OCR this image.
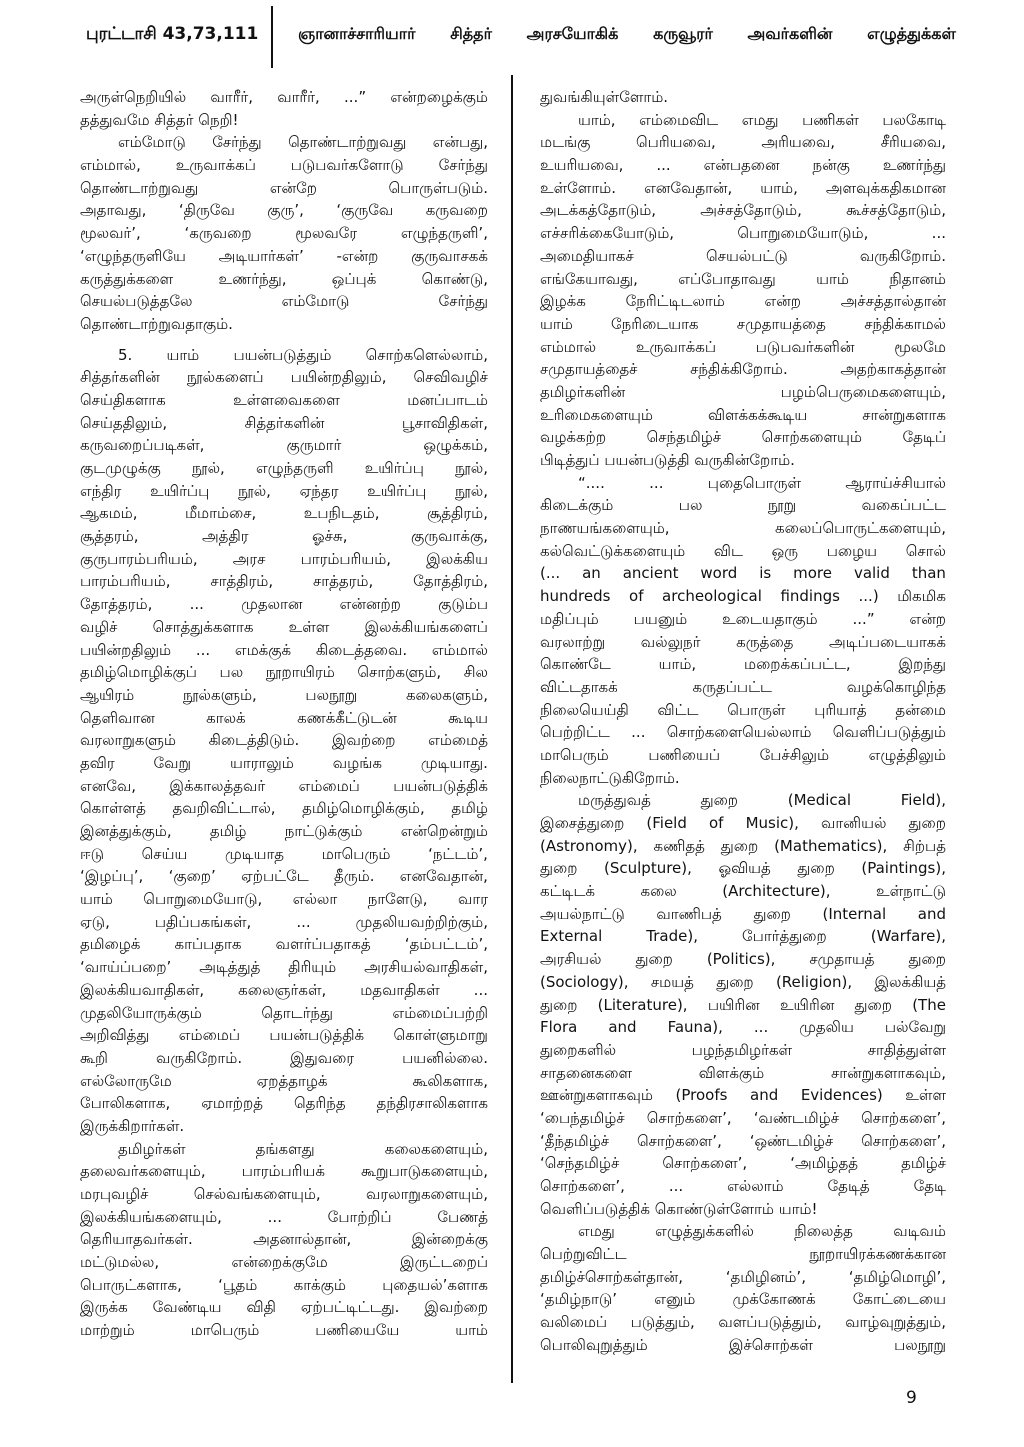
புரட்டாசி 43,73,111	ஞானாச்சாரியார் சித்தர் அரசயோகிக் கருவூரர் அவர்களின் எழுத்துக்கள்
அருள்நெறியில் வாரீர், வாரீர், ...” என்றழைக்கும்
தத்துவமே சித்தர் நெறி!
எம்மோடு சேர்ந்து தொண்டாற்றுவது என்பது,
எம்மால், உருவாக்கப் படுபவர்களோடு சேர்ந்து
தொண்டாற்றுவது	என்றே	பொருள்படும்.
அதாவது, ‘திருவே குரு’, ‘குருவே கருவறை
மூலவர்’,	‘கருவறை	மூலவரே	எழுந்தருளி’,
‘எழுந்தருளியே அடியார்கள்’ -என்ற குருவாசகக்
கருத்துக்களை	உணர்ந்து,	ஒப்புக்	கொண்டு,
செயல்படுத்தலே	எம்மோடு	சேர்ந்து
தொண்டாற்றுவதாகும்.
5. யாம் பயன்படுத்தும் சொற்களெல்லாம்,
சித்தர்களின் நூல்களைப் பயின்றதிலும், செவிவழிச்
செய்திகளாக	உள்ளவைகளை	மனப்பாடம்
செய்ததிலும்,	சித்தர்களின்	பூசாவிதிகள்,
கருவறைப்படிகள்,	குருமார்	ஒழுக்கம்,
குடமுழுக்கு நூல், எழுந்தருளி உயிர்ப்பு நூல்,
எந்திர உயிர்ப்பு நூல், ஏந்தர உயிர்ப்பு நூல்,
ஆகமம்,	மீமாம்சை,	உபநிடதம்,	சூத்திரம்,
சூத்தரம்,	அத்திர	ஓச்சு,	குருவாக்கு,
குருபாரம்பரியம், அரச பாரம்பரியம், இலக்கிய
பாரம்பரியம்,	சாத்திரம்,	சாத்தரம்,	தோத்திரம்,
தோத்தரம், ... முதலான என்னற்ற குடும்ப
வழிச் சொத்துக்களாக உள்ள இலக்கியங்களைப்
பயின்றதிலும் ... எமக்குக் கிடைத்தவை. எம்மால்
தமிழ்மொழிக்குப் பல நூறாயிரம் சொற்களும், சில
ஆயிரம்	நூல்களும்,	பலநூறு	கலைகளும்,
தெளிவான	காலக்	கணக்கீட்டுடன்	கூடிய
வரலாறுகளும் கிடைத்திடும். இவற்றை எம்மைத்
தவிர	வேறு	யாராலும்	வழங்க	முடியாது.
எனவே, இக்காலத்தவர் எம்மைப் பயன்படுத்திக்
கொள்ளத் தவறிவிட்டால், தமிழ்மொழிக்கும், தமிழ்
இனத்துக்கும்,	தமிழ்	நாட்டுக்கும்	என்றென்றும்
ஈடு	செய்ய	முடியாத	மாபெரும்	‘நட்டம்’,
‘இழப்பு’, ‘குறை’ ஏற்பட்டே தீரும். எனவேதான்,
யாம் பொறுமையோடு, எல்லா நாளேடு, வார
ஏடு,	பதிப்பகங்கள்,	...	முதலியவற்றிற்கும்,
தமிழைக் காப்பதாக வளர்ப்பதாகத் ‘தம்பட்டம்’,
‘வாய்ப்பறை’ அடித்துத் திரியும் அரசியல்வாதிகள்,
இலக்கியவாதிகள், கலைஞர்கள், மதவாதிகள் ...
முதலியோருக்கும்	தொடர்ந்து	எம்மைப்பற்றி
அறிவித்து எம்மைப் பயன்படுத்திக் கொள்ளுமாறு
கூறி	வருகிறோம்.	இதுவரை	பயனில்லை.
எல்லோருமே	ஏறத்தாழக்	கூலிகளாக,
போலிகளாக, ஏமாற்றத் தெரிந்த தந்திரசாலிகளாக
இருக்கிறார்கள்.
தமிழர்கள்	தங்களது	கலைகளையும்,
தலைவர்களையும், பாரம்பரியக் கூறுபாடுகளையும்,
மரபுவழிச்	செல்வங்களையும்,	வரலாறுகளையும்,
இலக்கியங்களையும்,	...	போற்றிப்	பேணத்
தெரியாதவர்கள்.	அதனால்தான்,	இன்றைக்கு
மட்டுமல்ல,	என்றைக்குமே	இருட்டறைப்
பொருட்களாக, ‘பூதம் காக்கும் புதையல்’களாக
இருக்க வேண்டிய விதி ஏற்பட்டிட்டது. இவற்றை
மாற்றும்	மாபெரும்	பணியையே	யாம்
துவங்கியுள்ளோம்.
யாம், எம்மைவிட எமது பணிகள் பலகோடி
மடங்கு	பெரியவை,	அரியவை,	சீரியவை,
உயரியவை, ... என்பதனை நன்கு உணர்ந்து
உள்ளோம். எனவேதான், யாம், அளவுக்கதிகமான
அடக்கத்தோடும்,	அச்சத்தோடும்,	கூச்சத்தோடும்,
எச்சரிக்கையோடும்,	பொறுமையோடும்,	...
அமைதியாகச்	செயல்பட்டு	வருகிறோம்.
எங்கேயாவது,	எப்போதாவது	யாம்	நிதானம்
இழக்க	நேரிட்டிடலாம்	என்ற	அச்சத்தால்தான்
யாம்	நேரிடையாக	சமுதாயத்தை	சந்திக்காமல்
எம்மால்	உருவாக்கப்	படுபவர்களின்	மூலமே
சமுதாயத்தைச்	சந்திக்கிறோம்.	அதற்காகத்தான்
தமிழர்களின்	பழம்பெருமைகளையும்,
உரிமைகளையும்	விளக்கக்கூடிய	சான்றுகளாக
வழக்கற்ற	செந்தமிழ்ச்	சொற்களையும்	தேடிப்
பிடித்துப் பயன்படுத்தி வருகின்றோம்.
“....	...	புதைபொருள்	ஆராய்ச்சியால்
கிடைக்கும்	பல	நூறு	வகைப்பட்ட
நாணயங்களையும்,	கலைப்பொருட்களையும்,
கல்வெட்டுக்களையும் விட ஒரு பழைய சொல்
(... an ancient word is more valid than
hundreds of archeological findings ...) மிகமிக
மதிப்பும் பயனும் உடையதாகும் ...” என்ற
வரலாற்று வல்லுநர் கருத்தை அடிப்படையாகக்
கொண்டே	யாம்,	மறைக்கப்பட்ட,	இறந்து
விட்டதாகக்	கருதப்பட்ட	வழக்கொழிந்த
நிலையெய்தி விட்ட பொருள் புரியாத் தன்மை
பெற்றிட்ட ... சொற்களையெல்லாம் வெளிப்படுத்தும்
மாபெரும்	பணியைப்	பேச்சிலும்	எழுத்திலும்
நிலைநாட்டுகிறோம்.
மருத்துவத்	துறை	(Medical	Field),
இசைத்துறை (Field of Music), வானியல் துறை
(Astronomy), கணிதத் துறை (Mathematics), சிற்பத்
துறை (Sculpture), ஓவியத் துறை (Paintings),
கட்டிடக்	கலை	(Architecture),	உள்நாட்டு
அயல்நாட்டு வாணிபத் துறை (Internal and
External	Trade),	போர்த்துறை	(Warfare),
அரசியல் துறை (Politics), சமுதாயத் துறை
(Sociology), சமயத் துறை (Religion), இலக்கியத்
துறை (Literature), பயிரின உயிரின துறை (The
Flora and Fauna), ... முதலிய பல்வேறு
துறைகளில்	பழந்தமிழர்கள்	சாதித்துள்ள
சாதனைகளை	விளக்கும்	சான்றுகளாகவும்,
ஊன்றுகளாகவும் (Proofs and Evidences) உள்ள
‘பைந்தமிழ்ச் சொற்களை’, ‘வண்டமிழ்ச் சொற்களை’,
‘தீந்தமிழ்ச் சொற்களை’, ‘ஒண்டமிழ்ச் சொற்களை’,
‘செந்தமிழ்ச்	சொற்களை’,	‘அமிழ்தத்	தமிழ்ச்
சொற்களை’,	...	எல்லாம்	தேடித்	தேடி
வெளிப்படுத்திக் கொண்டுள்ளோம் யாம்!
எமது	எழுத்துக்களில்	நிலைத்த	வடிவம்
பெற்றுவிட்ட	நூறாயிரக்கணக்கான
தமிழ்ச்சொற்கள்தான்,	‘தமிழினம்’,	‘தமிழ்மொழி’,
‘தமிழ்நாடு’ எனும் முக்கோணக் கோட்டையை
வலிமைப் படுத்தும், வளப்படுத்தும், வாழ்வுறுத்தும்,
பொலிவுறுத்தும்	இச்சொற்கள்	பலநூறு
9
